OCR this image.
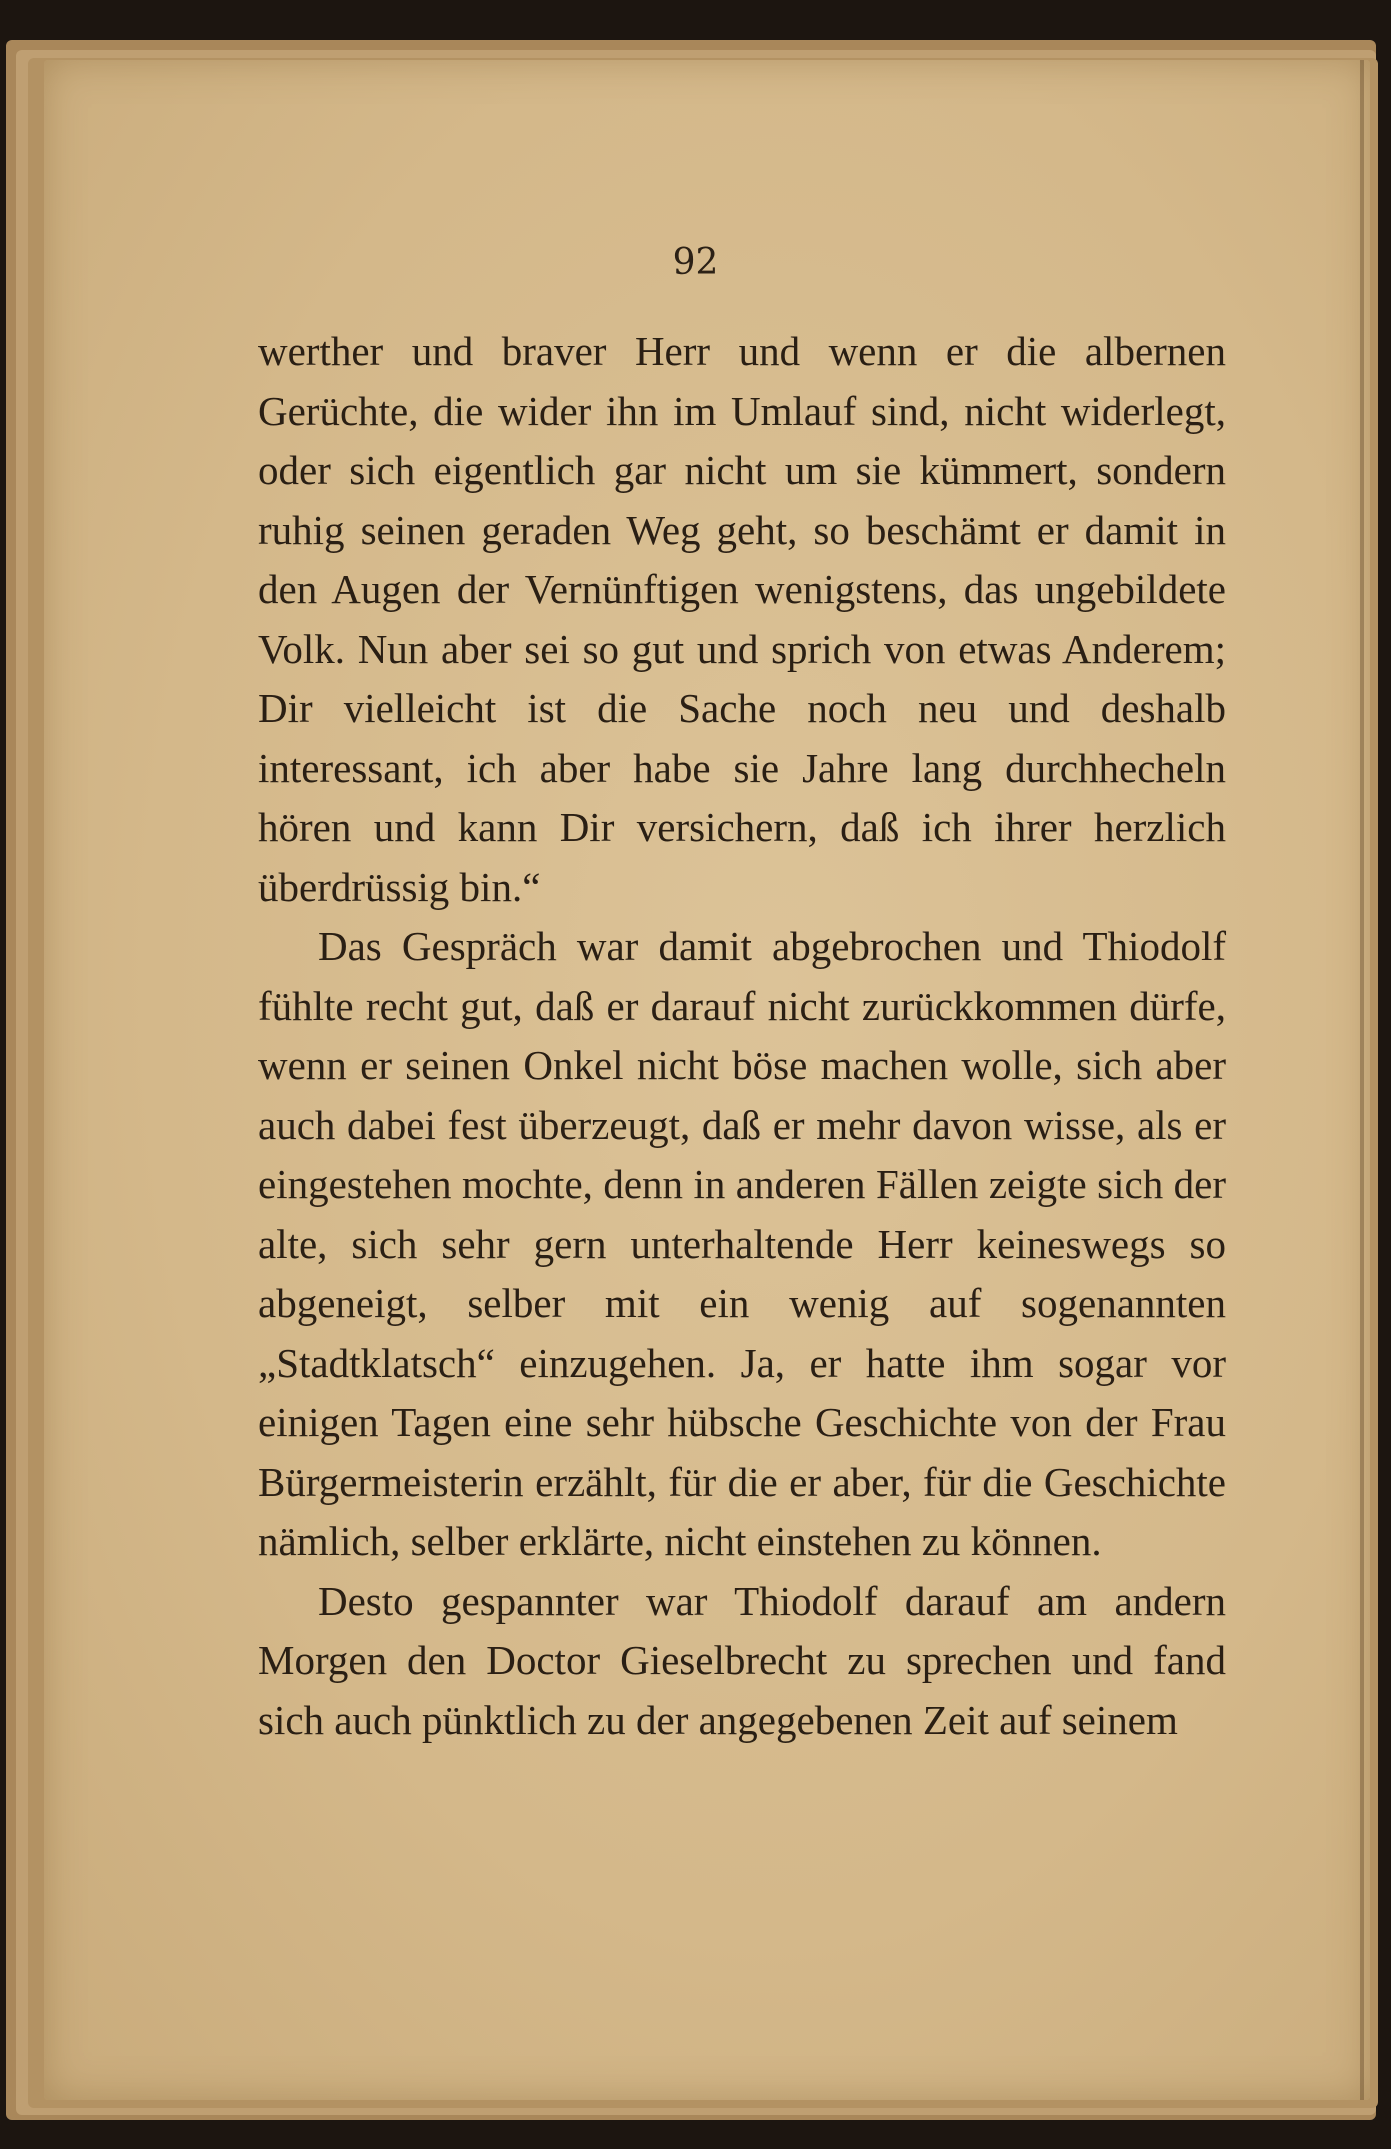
92

werther und braver Herr und wenn er die albernen Gerüchte, die wider ihn im Umlauf sind, nicht widerlegt, oder sich eigentlich gar nicht um sie kümmert, sondern ruhig seinen geraden Weg geht, so beschämt er damit in den Augen der Vernünftigen wenigstens, das ungebildete Volk. Nun aber sei so gut und sprich von etwas Anderem; Dir vielleicht ist die Sache noch neu und deshalb interessant, ich aber habe sie Jahre lang durchhecheln hören und kann Dir versichern, daß ich ihrer herzlich überdrüssig bin.“

Das Gespräch war damit abgebrochen und Thiodolf fühlte recht gut, daß er darauf nicht zurückkommen dürfe, wenn er seinen Onkel nicht böse machen wolle, sich aber auch dabei fest überzeugt, daß er mehr davon wisse, als er eingestehen mochte, denn in anderen Fällen zeigte sich der alte, sich sehr gern unterhaltende Herr keineswegs so abgeneigt, selber mit ein wenig auf sogenannten „Stadtklatsch“ einzugehen. Ja, er hatte ihm sogar vor einigen Tagen eine sehr hübsche Geschichte von der Frau Bürgermeisterin erzählt, für die er aber, für die Geschichte nämlich, selber erklärte, nicht einstehen zu können.

Desto gespannter war Thiodolf darauf am andern Morgen den Doctor Gieselbrecht zu sprechen und fand sich auch pünktlich zu der angegebenen Zeit auf seinem
